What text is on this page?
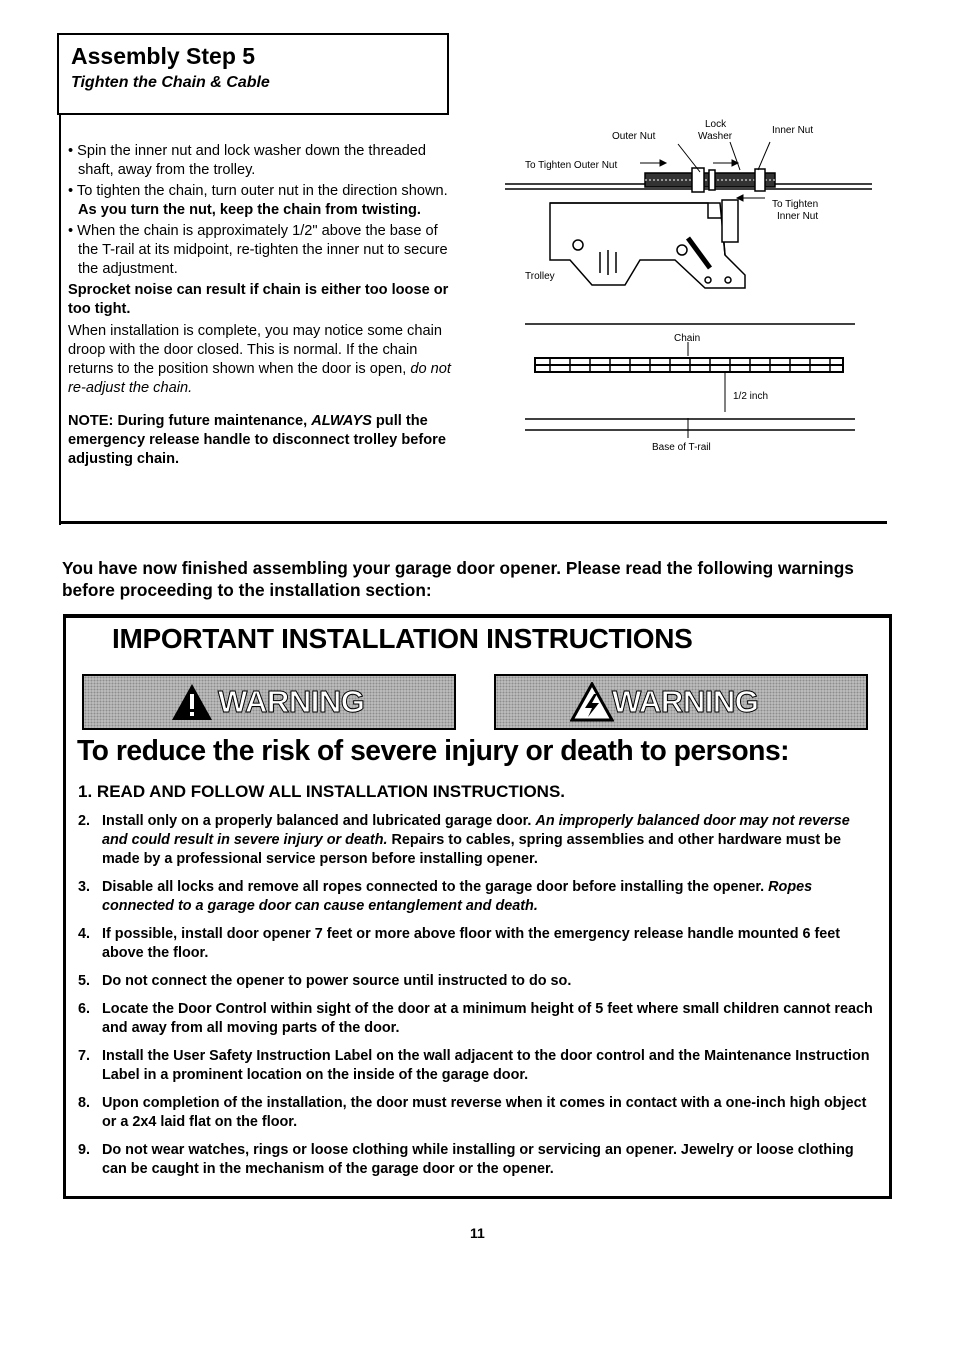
Assembly Step 5
Tighten the Chain & Cable

• Spin the inner nut and lock washer down the threaded shaft, away from the trolley.

• To tighten the chain, turn outer nut in the direction shown. As you turn the nut, keep the chain from twisting.

• When the chain is approximately 1/2" above the base of the T-rail at its midpoint, re-tighten the inner nut to secure the adjustment.

Sprocket noise can result if chain is either too loose or too tight.

When installation is complete, you may notice some chain droop with the door closed. This is normal. If the chain returns to the position shown when the door is open, do not re-adjust the chain.

NOTE: During future maintenance, ALWAYS pull the emergency release handle to disconnect trolley before adjusting chain.

Lock
Washer
Outer Nut
Inner Nut
To Tighten Outer Nut
To Tighten
Inner Nut
Trolley
Chain
1/2 inch
Base of T-rail
You have now finished assembling your garage door opener. Please read the following warnings before proceeding to the installation section:
IMPORTANT INSTALLATION INSTRUCTIONS
WARNING	WARNING
To reduce the risk of severe injury or death to persons:
1. READ AND FOLLOW ALL INSTALLATION INSTRUCTIONS.
2. Install only on a properly balanced and lubricated garage door. An improperly balanced door may not reverse and could result in severe injury or death. Repairs to cables, spring assemblies and other hardware must be made by a professional service person before installing opener.
3. Disable all locks and remove all ropes connected to the garage door before installing the opener. Ropes connected to a garage door can cause entanglement and death.
4. If possible, install door opener 7 feet or more above floor with the emergency release handle mounted 6 feet above the floor.
5. Do not connect the opener to power source until instructed to do so.
6. Locate the Door Control within sight of the door at a minimum height of 5 feet where small children cannot reach and away from all moving parts of the door.
7. Install the User Safety Instruction Label on the wall adjacent to the door control and the Maintenance Instruction Label in a prominent location on the inside of the garage door.
8. Upon completion of the installation, the door must reverse when it comes in contact with a one-inch high object or a 2x4 laid flat on the floor.
9. Do not wear watches, rings or loose clothing while installing or servicing an opener. Jewelry or loose clothing can be caught in the mechanism of the garage door or the opener.
11
